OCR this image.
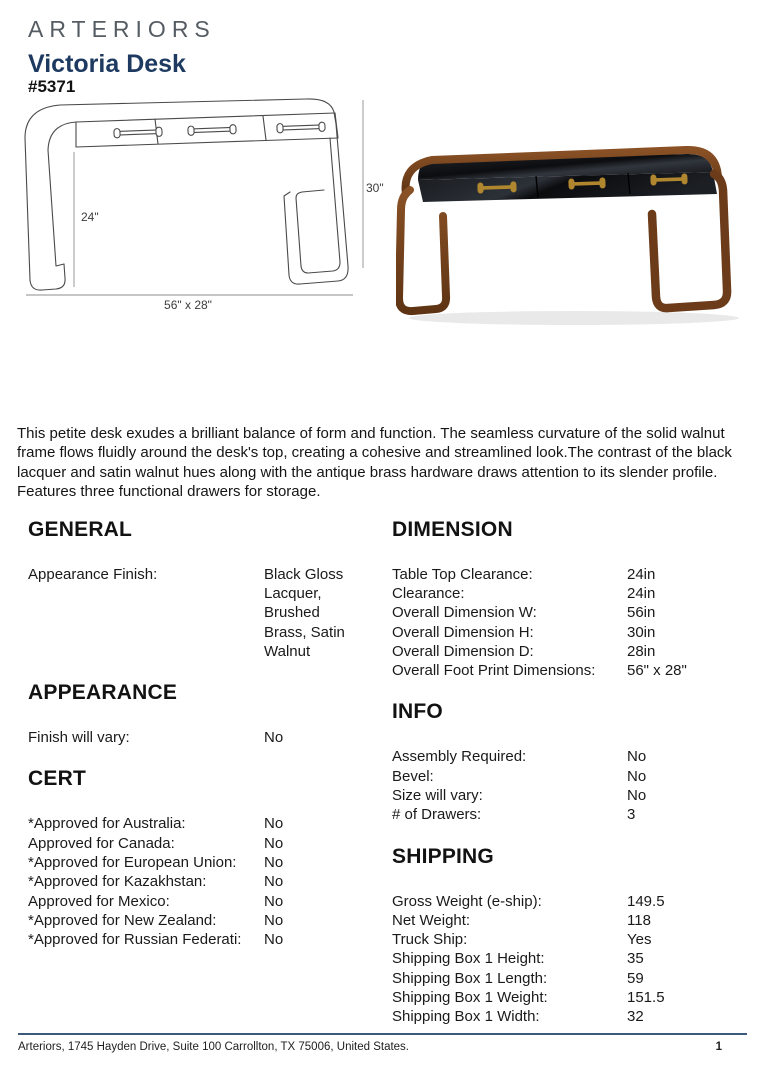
ARTERIORS
Victoria Desk
#5371
24"
30"
56" x 28"

This petite desk exudes a brilliant balance of form and function. The seamless curvature of the solid walnut frame flows fluidly around the desk's top, creating a cohesive and streamlined look.The contrast of the black lacquer and satin walnut hues along with the antique brass hardware draws attention to its slender profile. Features three functional drawers for storage.

GENERAL
Appearance Finish:	Black Gloss Lacquer, Brushed Brass, Satin Walnut
APPEARANCE
Finish will vary:	No
CERT
*Approved for Australia:	No
Approved for Canada:	No
*Approved for European Union:	No
*Approved for Kazakhstan:	No
Approved for Mexico:	No
*Approved for New Zealand:	No
*Approved for Russian Federati:	No
DIMENSION
Table Top Clearance:	24in
Clearance:	24in
Overall Dimension W:	56in
Overall Dimension H:	30in
Overall Dimension D:	28in
Overall Foot Print Dimensions:	56" x 28"
INFO
Assembly Required:	No
Bevel:	No
Size will vary:	No
# of Drawers:	3
SHIPPING
Gross Weight (e-ship):	149.5
Net Weight:	118
Truck Ship:	Yes
Shipping Box 1 Height:	35
Shipping Box 1 Length:	59
Shipping Box 1 Weight:	151.5
Shipping Box 1 Width:	32
Arteriors, 1745 Hayden Drive, Suite 100 Carrollton, TX 75006, United States.	1
